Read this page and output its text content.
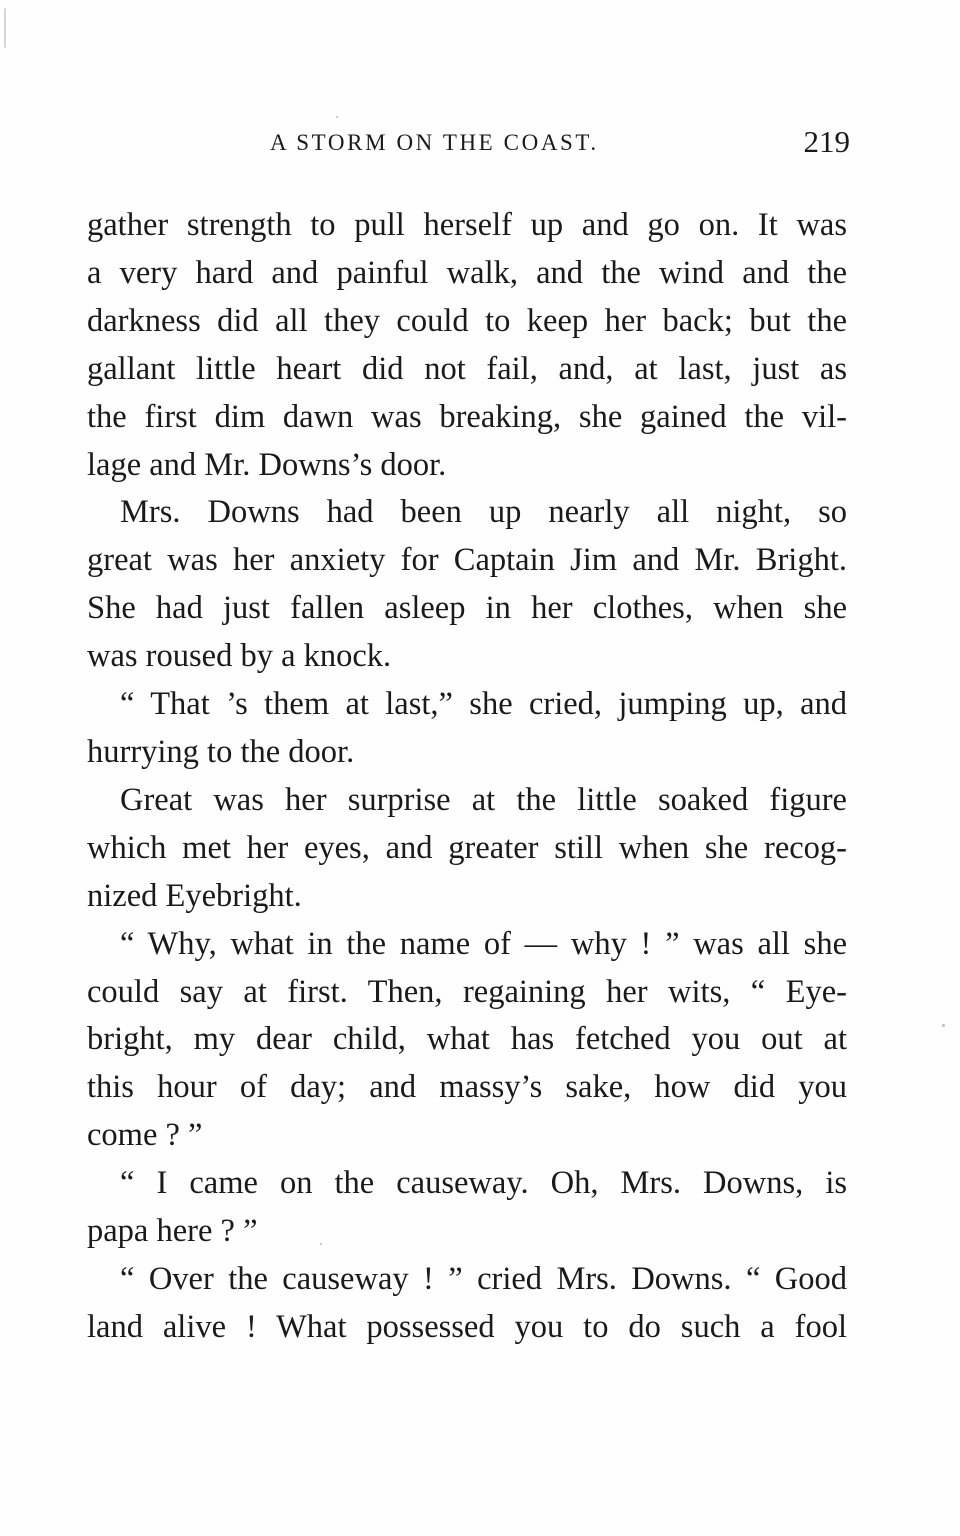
A STORM ON THE COAST.	219

gather strength to pull herself up and go on. It was
a very hard and painful walk, and the wind and the
darkness did all they could to keep her back; but the
gallant little heart did not fail, and, at last, just as
the first dim dawn was breaking, she gained the vil-
lage and Mr. Downs’s door.

Mrs. Downs had been up nearly all night, so
great was her anxiety for Captain Jim and Mr. Bright.
She had just fallen asleep in her clothes, when she
was roused by a knock.

“ That ’s them at last,” she cried, jumping up, and
hurrying to the door.

Great was her surprise at the little soaked figure
which met her eyes, and greater still when she recog-
nized Eyebright.

“ Why, what in the name of — why ! ” was all she
could say at first. Then, regaining her wits, “ Eye-
bright, my dear child, what has fetched you out at
this hour of day; and massy’s sake, how did you
come ? ”

“ I came on the causeway. Oh, Mrs. Downs, is
papa here ? ”

“ Over the causeway ! ” cried Mrs. Downs. “ Good
land alive ! What possessed you to do such a fool
